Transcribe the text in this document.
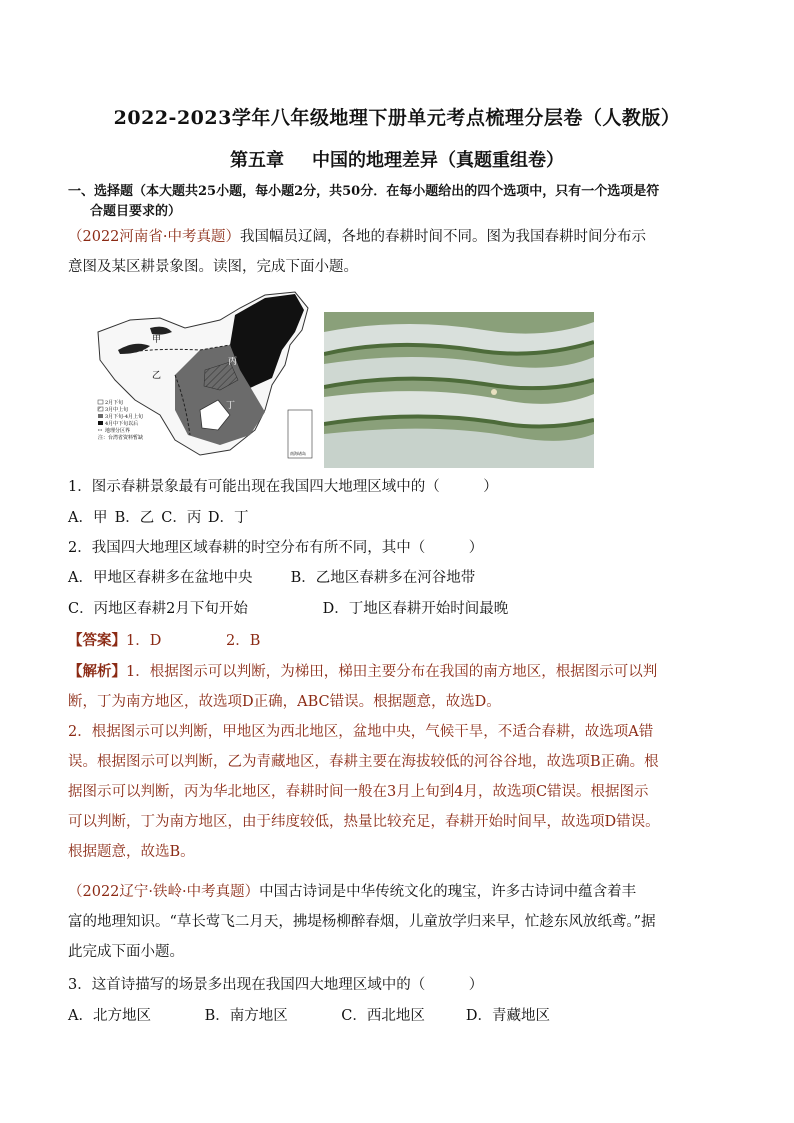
2022-2023学年八年级地理下册单元考点梳理分层卷（人教版）
第五章 中国的地理差异（真题重组卷）
一、选择题（本大题共25小题，每小题2分，共50分．在每小题给出的四个选项中，只有一个选项是符
合题目要求的）
（2022河南省·中考真题）我国幅员辽阔，各地的春耕时间不同。图为我国春耕时间分布示
意图及某区耕景象图。读图，完成下面小题。
甲
乙
丙
丁
2月下旬
3月中上旬
3月下旬-4月上旬
4月中下旬以后
地理分区界
注：台湾省资料暂缺
南海诸岛
1．图示春耕景象最有可能出现在我国四大地理区域中的（　　　）
A．甲 B．乙 C．丙 D．丁
2．我国四大地理区域春耕的时空分布有所不同，其中（　　　）
A．甲地区春耕多在盆地中央	B．乙地区春耕多在河谷地带
C．丙地区春耕2月下旬开始	D．丁地区春耕开始时间最晚
【答案】1．D	2．B
【解析】1．根据图示可以判断，为梯田，梯田主要分布在我国的南方地区，根据图示可以判
断，丁为南方地区，故选项D正确，ABC错误。根据题意，故选D。
2．根据图示可以判断，甲地区为西北地区，盆地中央，气候干旱，不适合春耕，故选项A错
误。根据图示可以判断，乙为青藏地区，春耕主要在海拔较低的河谷谷地，故选项B正确。根
据图示可以判断，丙为华北地区，春耕时间一般在3月上旬到4月，故选项C错误。根据图示
可以判断，丁为南方地区，由于纬度较低，热量比较充足，春耕开始时间早，故选项D错误。
根据题意，故选B。
（2022辽宁·铁岭·中考真题）中国古诗词是中华传统文化的瑰宝，许多古诗词中蕴含着丰
富的地理知识。“草长莺飞二月天，拂堤杨柳醉春烟，儿童放学归来早，忙趁东风放纸鸢。”据
此完成下面小题。
3．这首诗描写的场景多出现在我国四大地理区域中的（　　　）
A．北方地区	B．南方地区	C．西北地区	D．青藏地区
